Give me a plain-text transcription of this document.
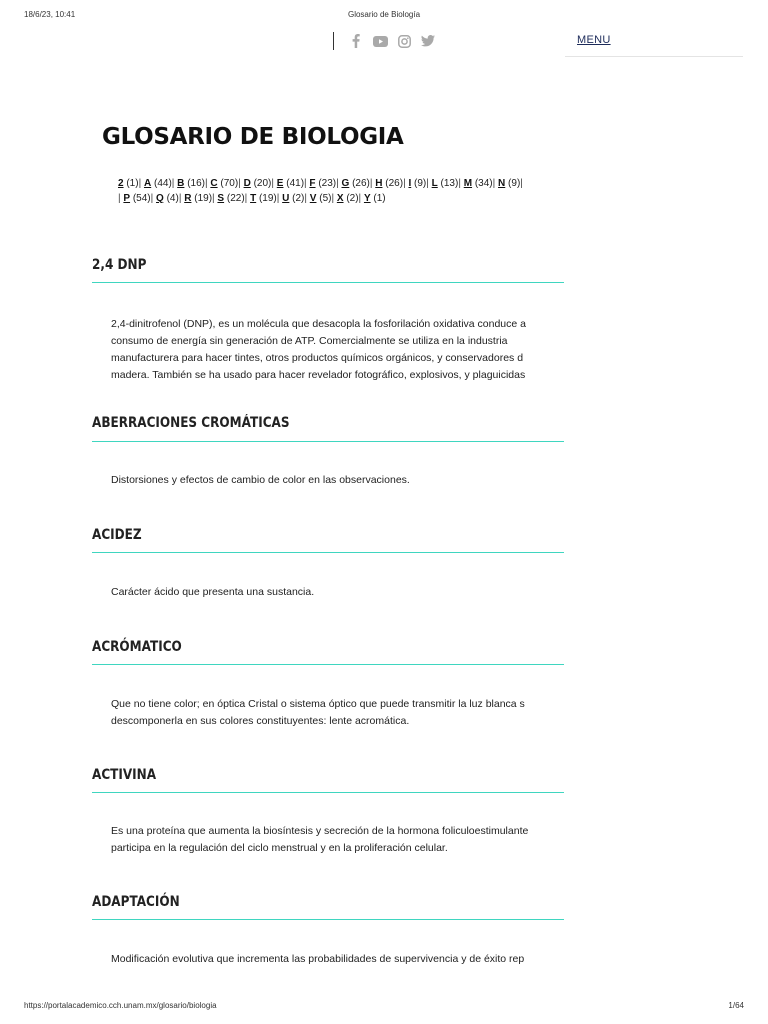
18/6/23, 10:41	Glosario de Biología
MENU
GLOSARIO DE BIOLOGIA
2 (1)| A (44)| B (16)| C (70)| D (20)| E (41)| F (23)| G (26)| H (26)| I (9)| L (13)| M (34)| N (9)|
| P (54)| Q (4)| R (19)| S (22)| T (19)| U (2)| V (5)| X (2)| Y (1)
2,4 DNP
2,4-dinitrofenol (DNP), es un molécula que desacopla la fosforilación oxidativa conduce a
consumo de energía sin generación de ATP. Comercialmente se utiliza en la industria
manufacturera para hacer tintes, otros productos químicos orgánicos, y conservadores d
madera. También se ha usado para hacer revelador fotográfico, explosivos, y plaguicidas
ABERRACIONES CROMÁTICAS
Distorsiones y efectos de cambio de color en las observaciones.
ACIDEZ
Carácter ácido que presenta una sustancia.
ACRÓMATICO
Que no tiene color; en óptica Cristal o sistema óptico que puede transmitir la luz blanca s
descomponerla en sus colores constituyentes: lente acromática.
ACTIVINA
Es una proteína que aumenta la biosíntesis y secreción de la hormona foliculoestimulante
participa en la regulación del ciclo menstrual y en la proliferación celular.
ADAPTACIÓN
Modificación evolutiva que incrementa las probabilidades de supervivencia y de éxito rep
https://portalacademico.cch.unam.mx/glosario/biologia	1/64
